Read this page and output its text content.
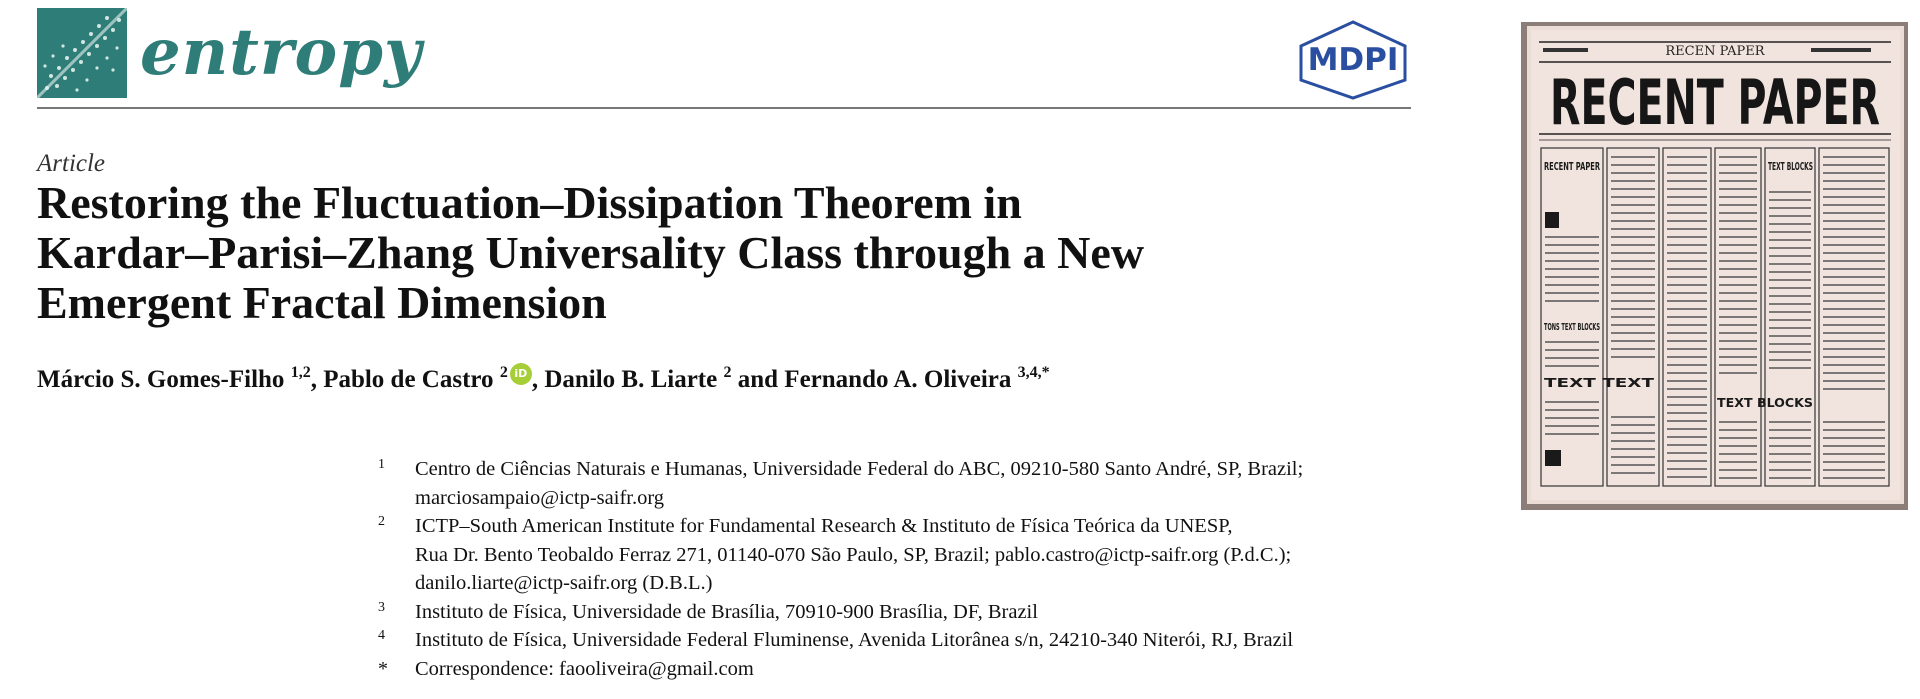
entropy	MDPI
Article
Restoring the Fluctuation–Dissipation Theorem in
Kardar–Parisi–Zhang Universality Class through a New
Emergent Fractal Dimension
Márcio S. Gomes-Filho $^{1,2}$, Pablo de Castro $^2$ iD , Danilo B. Liarte $^2$ and Fernando A. Oliveira $^{3,4,*}$
1 Centro de Ciências Naturais e Humanas, Universidade Federal do ABC, 09210-580 Santo André, SP, Brazil;
marciosampaio@ictp-saifr.org
2 ICTP–South American Institute for Fundamental Research & Instituto de Física Teórica da UNESP,
Rua Dr. Bento Teobaldo Ferraz 271, 01140-070 São Paulo, SP, Brazil; pablo.castro@ictp-saifr.org (P.d.C.);
danilo.liarte@ictp-saifr.org (D.B.L.)
3 Instituto de Física, Universidade de Brasília, 70910-900 Brasília, DF, Brazil
4 Instituto de Física, Universidade Federal Fluminense, Avenida Litorânea s/n, 24210-340 Niterói, RJ, Brazil
* Correspondence: faooliveira@gmail.com
RECEN PAPER
RECENT PAPER
RECENT PAPER	TEXT BLOCKS
TONS TEXT BLOCKS
TEXT TEXT
TEXT BLOCKS
